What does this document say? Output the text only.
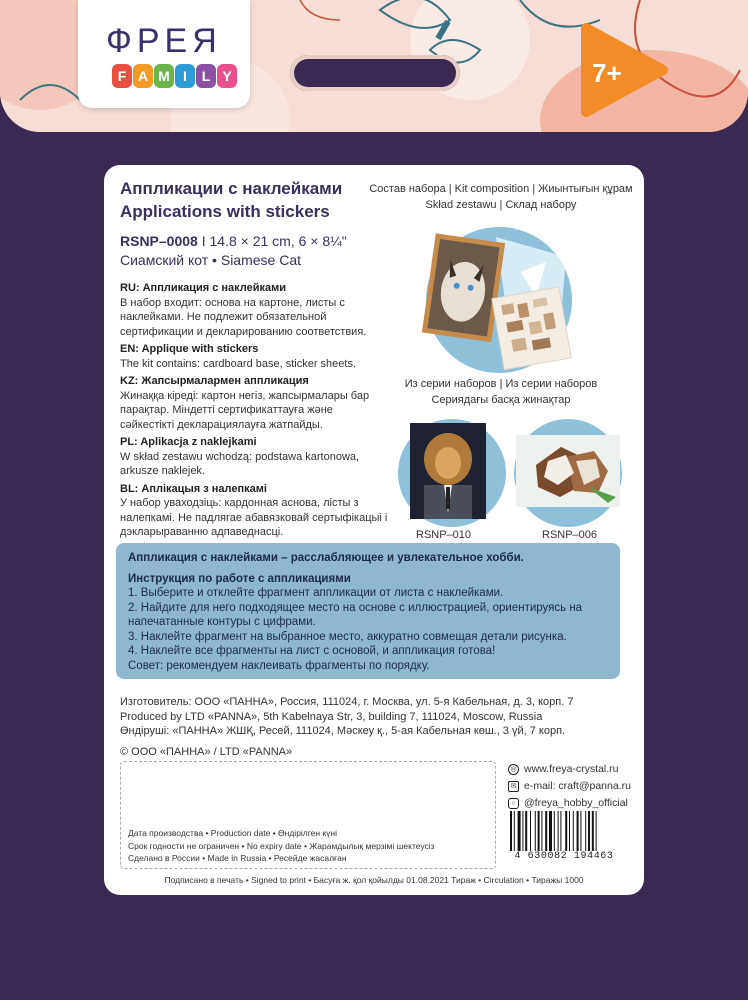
ФРЕЯ
F A M I	L Y	7+
Аппликации с наклейками
Applications with stickers
Состав набора | Kit composition | Жиынтығын құрам
Skład zestawu | Склад набору
RSNP–0008 I 14.8 × 21 cm, 6 × 8¼"
Сиамский кот • Siamese Cat

RU: Аппликация с наклейками
В набор входит: основа на картоне, листы с наклейками. Не подлежит обязательной сертификации и декларированию соответствия.

EN: Applique with stickers
The kit contains: cardboard base, sticker sheets.

KZ: Жапсырмалармен аппликация
Жинаққа кіреді: картон негіз, жапсырмалары бар парақтар. Міндетті сертификаттауға және сәйкестікті декларациялауға жатпайды.

PL: Aplikacja z naklejkami
W skład zestawu wchodzą: podstawa kartonowa, arkusze naklejek.

BL: Аплікацыя з налепкамі
У набор уваходзіць: кардонная аснова, лісты з налепкамі. Не падлягае абавязковай сертыфікацыі і дэкларыраванню адпаведнасці.

Из серии наборов | Из серии наборов
Сериядағы басқа жинақтар
RSNP–010	RSNP–006

Аппликация с наклейками – расслабляющее и увлекательное хобби.

Инструкция по работе с аппликациями

1. Выберите и отклейте фрагмент аппликации от листа с наклейками.

2. Найдите для него подходящее место на основе с иллюстрацией, ориентируясь на напечатанные контуры с цифрами.

3. Наклейте фрагмент на выбранное место, аккуратно совмещая детали рисунка.

4. Наклейте все фрагменты на лист с основой, и аппликация готова!

Совет: рекомендуем наклеивать фрагменты по порядку.

Изготовитель: ООО «ПАННА», Россия, 111024, г. Москва, ул. 5-я Кабельная, д. 3, корп. 7

Produced by LTD «PANNA», 5th Kabelnaya Str, 3, building 7, 111024, Moscow, Russia

Өндіруші: «ПАННА» ЖШҚ, Ресей, 111024, Мәскеу қ., 5-ая Кабельная көш., 3 үй, 7 корп.

© ООО «ПАННА» / LTD «PANNA»

Дата производства • Production date • Өндірілген күні

Срок годности не ограничен • No expiry date • Жарамдылық мерзімі шектеусіз

Сделано в России • Made in Russia • Ресейде жасалған

◎ www.freya-crystal.ru
✉ e-mail: craft@panna.ru
○ @freya_hobby_official
4 630082 194463
Подписано в печать • Signed to print • Басуға ж. қол қойылды 01.08.2021 Тираж • Circulation • Тиражы 1000
